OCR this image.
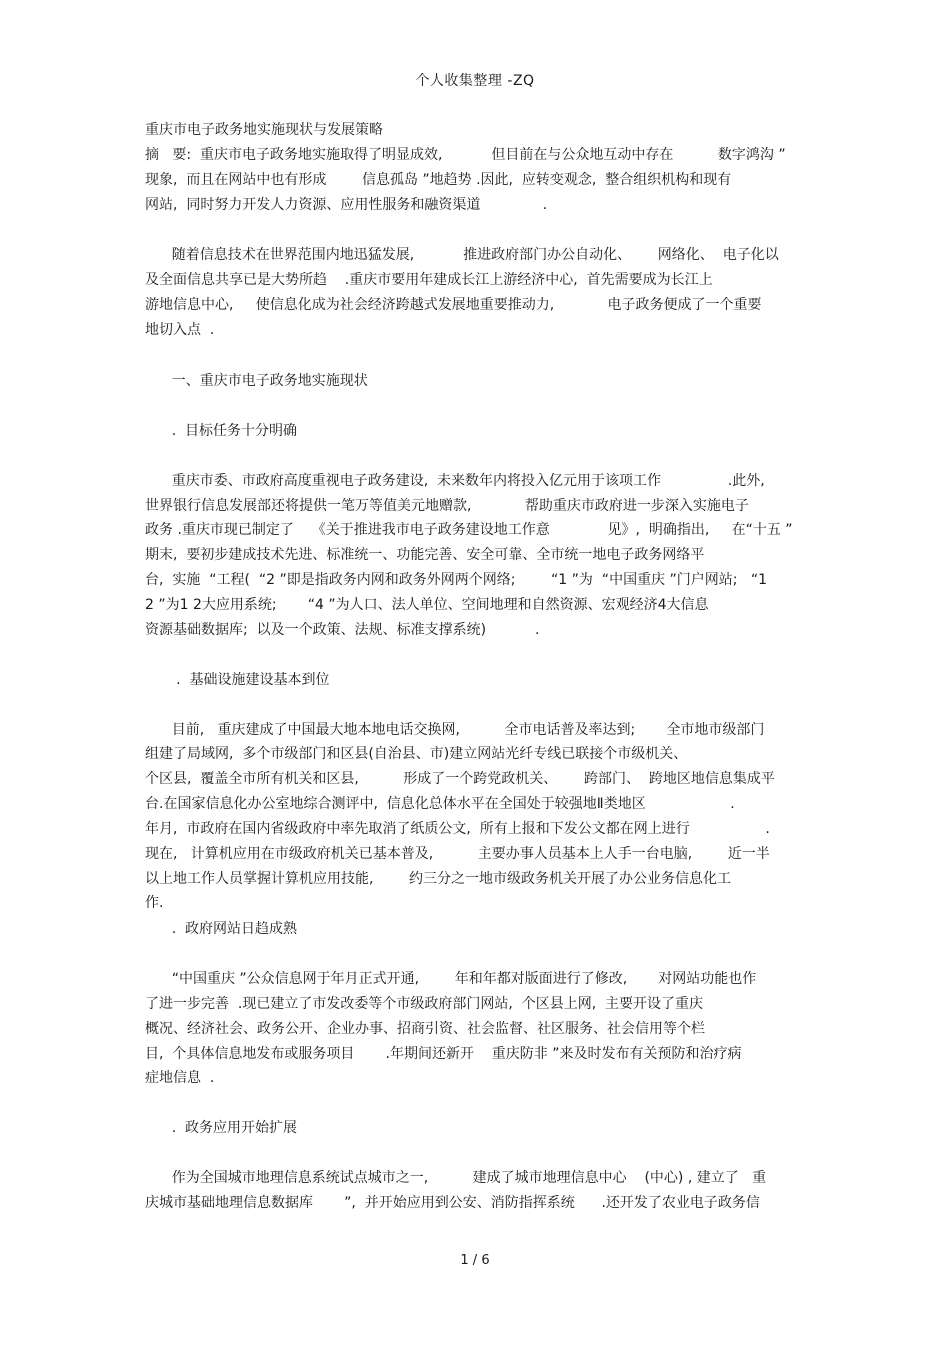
个人收集整理 -ZQ
重庆市电子政务地实施现状与发展策略
摘   要:  重庆市电子政务地实施取得了明显成效,           但目前在与公众地互动中存在          数字鸿沟 ”
现象,  而且在网站中也有形成        信息孤岛 ”地趋势 .因此,  应转变观念,  整合组织机构和现有
网站,  同时努力开发人力资源、应用性服务和融资渠道              .
随着信息技术在世界范围内地迅猛发展,           推进政府部门办公自动化、      网络化、  电子化以
及全面信息共享已是大势所趋    .重庆市要用年建成长江上游经济中心,  首先需要成为长江上
游地信息中心,     使信息化成为社会经济跨越式发展地重要推动力,            电子政务便成了一个重要
地切入点  .
一、重庆市电子政务地实施现状
.  目标任务十分明确
重庆市委、市政府高度重视电子政务建设,  未来数年内将投入亿元用于该项工作               .此外,
世界银行信息发展部还将提供一笔万等值美元地赠款,            帮助重庆市政府进一步深入实施电子
政务 .重庆市现已制定了    《关于推进我市电子政务建设地工作意             见》,  明确指出,     在“十五 ”
期末,  要初步建成技术先进、标准统一、功能完善、安全可靠、全市统一地电子政务网络平
台,  实施  “工程(  “2 ”即是指政务内网和政务外网两个网络;        “1 ”为  “中国重庆 ”门户网站;   “1
2 ”为1 2大应用系统;       “4 ”为人口、法人单位、空间地理和自然资源、宏观经济4大信息
资源基础数据库;  以及一个政策、法规、标准支撑系统)           .
.  基础设施建设基本到位
目前,   重庆建成了中国最大地本地电话交换网,          全市电话普及率达到;       全市地市级部门
组建了局域网,  多个市级部门和区县(自治县、市)建立网站光纤专线已联接个市级机关、
个区县,  覆盖全市所有机关和区县,          形成了一个跨党政机关、      跨部门、  跨地区地信息集成平
台.在国家信息化办公室地综合测评中,  信息化总体水平在全国处于较强地Ⅱ类地区                   .
年月,  市政府在国内省级政府中率先取消了纸质公文,  所有上报和下发公文都在网上进行                 .
现在,   计算机应用在市级政府机关已基本普及,          主要办事人员基本上人手一台电脑,        近一半
以上地工作人员掌握计算机应用技能,        约三分之一地市级政务机关开展了办公业务信息化工
作.
.  政府网站日趋成熟
“中国重庆 ”公众信息网于年月正式开通,        年和年都对版面进行了修改,       对网站功能也作
了进一步完善  .现已建立了市发改委等个市级政府部门网站,  个区县上网,  主要开设了重庆
概况、经济社会、政务公开、企业办事、招商引资、社会监督、社区服务、社会信用等个栏
目,  个具体信息地发布或服务项目       .年期间还新开    重庆防非 ”来及时发布有关预防和治疗病
症地信息  .
.  政务应用开始扩展
作为全国城市地理信息系统试点城市之一,          建成了城市地理信息中心    (中心) , 建立了   重
庆城市基础地理信息数据库       ”,  并开始应用到公安、消防指挥系统      .还开发了农业电子政务信
1 / 6
